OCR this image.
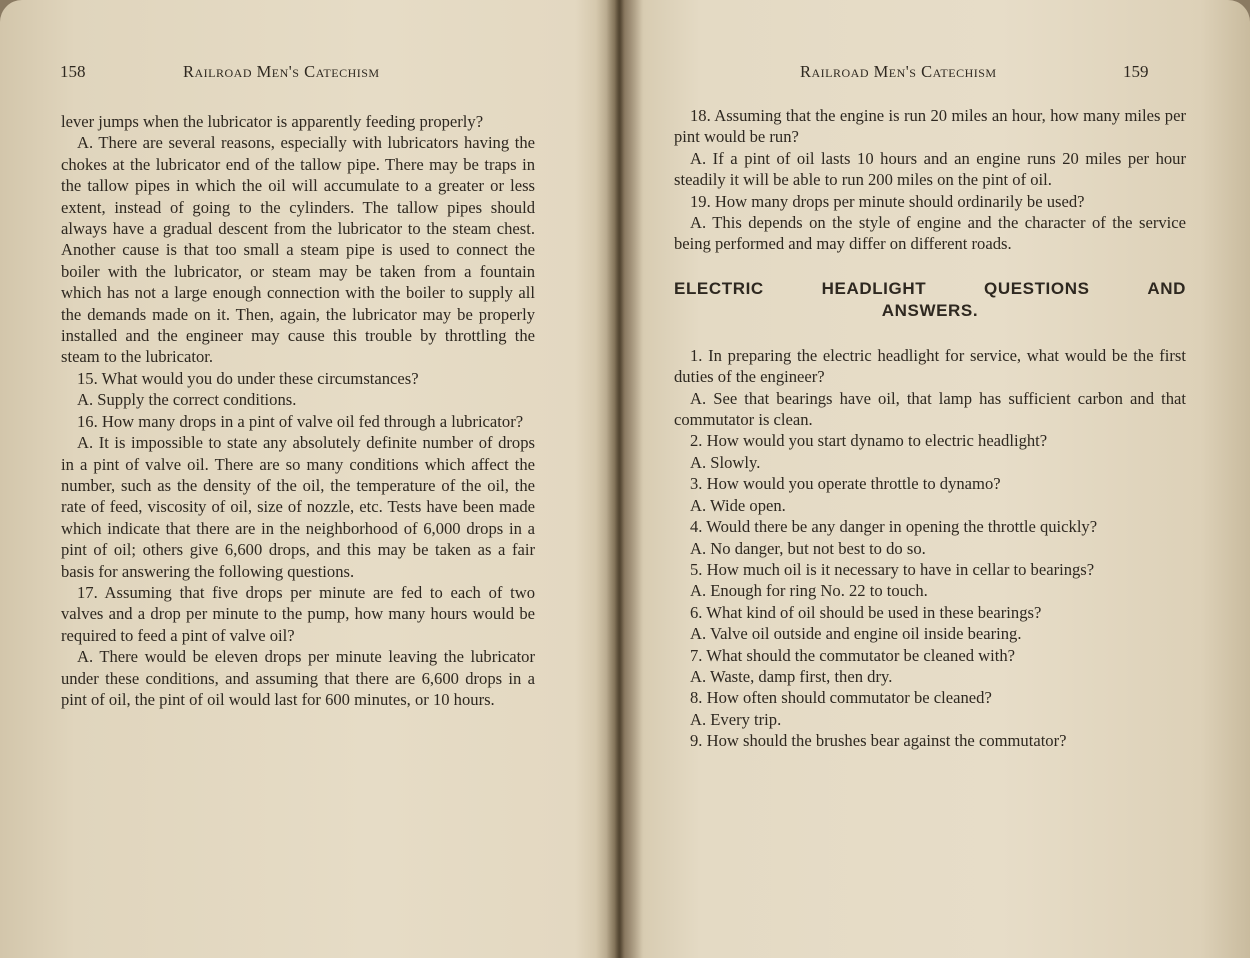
158	Railroad Men's Catechism

lever jumps when the lubricator is apparently feeding properly?

A. There are several reasons, especially with lubricators having the chokes at the lubricator end of the tallow pipe. There may be traps in the tallow pipes in which the oil will accumulate to a greater or less extent, instead of going to the cylinders. The tallow pipes should always have a gradual descent from the lubricator to the steam chest. Another cause is that too small a steam pipe is used to connect the boiler with the lubricator, or steam may be taken from a fountain which has not a large enough connection with the boiler to supply all the demands made on it. Then, again, the lubricator may be properly installed and the engineer may cause this trouble by throttling the steam to the lubricator.

15. What would you do under these circumstances?

A. Supply the correct conditions.

16. How many drops in a pint of valve oil fed through a lubricator?

A. It is impossible to state any absolutely definite number of drops in a pint of valve oil. There are so many conditions which affect the number, such as the density of the oil, the temperature of the oil, the rate of feed, viscosity of oil, size of nozzle, etc. Tests have been made which indicate that there are in the neighborhood of 6,000 drops in a pint of oil; others give 6,600 drops, and this may be taken as a fair basis for answering the following questions.

17. Assuming that five drops per minute are fed to each of two valves and a drop per minute to the pump, how many hours would be required to feed a pint of valve oil?

A. There would be eleven drops per minute leaving the lubricator under these conditions, and assuming that there are 6,600 drops in a pint of oil, the pint of oil would last for 600 minutes, or 10 hours.

Railroad Men's Catechism	159

18. Assuming that the engine is run 20 miles an hour, how many miles per pint would be run?

A. If a pint of oil lasts 10 hours and an engine runs 20 miles per hour steadily it will be able to run 200 miles on the pint of oil.

19. How many drops per minute should ordinarily be used?

A. This depends on the style of engine and the character of the service being performed and may differ on different roads.

ELECTRIC	HEADLIGHT	QUESTIONS	AND
ANSWERS.

1. In preparing the electric headlight for service, what would be the first duties of the engineer?

A. See that bearings have oil, that lamp has sufficient carbon and that commutator is clean.

2. How would you start dynamo to electric headlight?

A. Slowly.

3. How would you operate throttle to dynamo?

A. Wide open.

4. Would there be any danger in opening the throttle quickly?

A. No danger, but not best to do so.

5. How much oil is it necessary to have in cellar to bearings?

A. Enough for ring No. 22 to touch.

6. What kind of oil should be used in these bearings?

A. Valve oil outside and engine oil inside bearing.

7. What should the commutator be cleaned with?

A. Waste, damp first, then dry.

8. How often should commutator be cleaned?

A. Every trip.

9. How should the brushes bear against the commutator?
